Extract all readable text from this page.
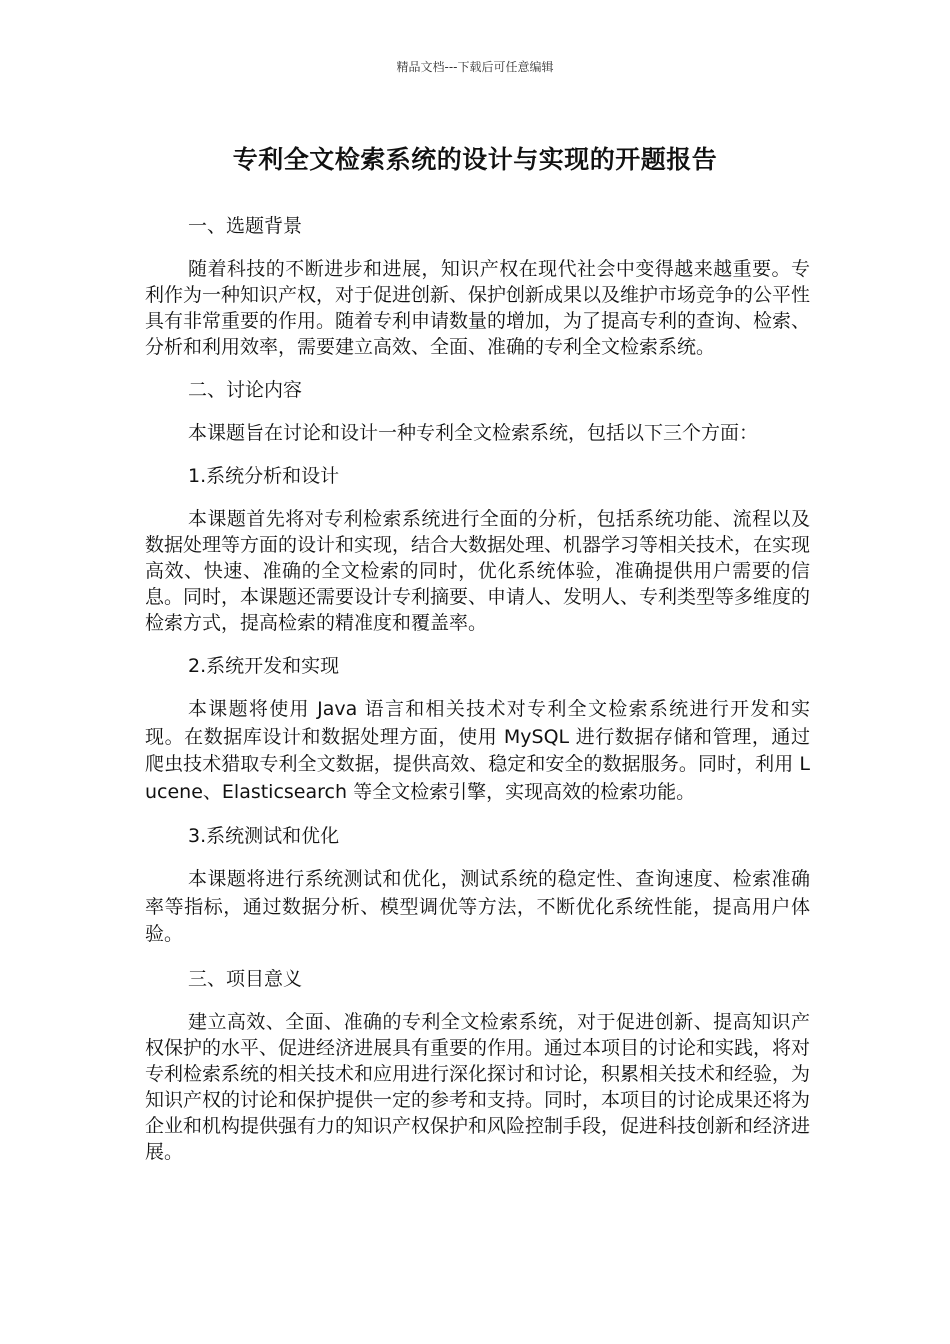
精品文档---下载后可任意编辑
专利全文检索系统的设计与实现的开题报告

一、选题背景

随着科技的不断进步和进展，知识产权在现代社会中变得越来越重要。专利作为一种知识产权，对于促进创新、保护创新成果以及维护市场竞争的公平性具有非常重要的作用。随着专利申请数量的增加，为了提高专利的查询、检索、分析和利用效率，需要建立高效、全面、准确的专利全文检索系统。

二、讨论内容

本课题旨在讨论和设计一种专利全文检索系统，包括以下三个方面：

1.系统分析和设计

本课题首先将对专利检索系统进行全面的分析，包括系统功能、流程以及数据处理等方面的设计和实现，结合大数据处理、机器学习等相关技术，在实现高效、快速、准确的全文检索的同时，优化系统体验，准确提供用户需要的信息。同时，本课题还需要设计专利摘要、申请人、发明人、专利类型等多维度的检索方式，提高检索的精准度和覆盖率。

2.系统开发和实现

本课题将使用 Java 语言和相关技术对专利全文检索系统进行开发和实现。在数据库设计和数据处理方面，使用 MySQL 进行数据存储和管理，通过爬虫技术猎取专利全文数据，提供高效、稳定和安全的数据服务。同时，利用 Lucene、Elasticsearch 等全文检索引擎，实现高效的检索功能。

3.系统测试和优化

本课题将进行系统测试和优化，测试系统的稳定性、查询速度、检索准确率等指标，通过数据分析、模型调优等方法，不断优化系统性能，提高用户体验。

三、项目意义

建立高效、全面、准确的专利全文检索系统，对于促进创新、提高知识产权保护的水平、促进经济进展具有重要的作用。通过本项目的讨论和实践，将对专利检索系统的相关技术和应用进行深化探讨和讨论，积累相关技术和经验，为知识产权的讨论和保护提供一定的参考和支持。同时，本项目的讨论成果还将为企业和机构提供强有力的知识产权保护和风险控制手段，促进科技创新和经济进展。
